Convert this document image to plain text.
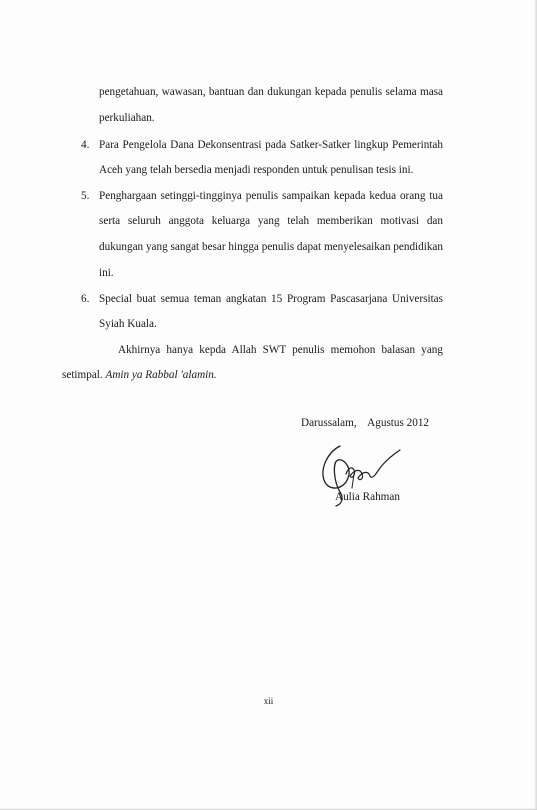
pengetahuan, wawasan, bantuan dan dukungan kepada penulis selama masa
perkuliahan.
4. Para Pengelola Dana Dekonsentrasi pada Satker-Satker lingkup Pemerintah
Aceh yang telah bersedia menjadi responden untuk penulisan tesis ini.
5. Penghargaan setinggi-tingginya penulis sampaikan kepada kedua orang tua
serta seluruh anggota keluarga yang telah memberikan motivasi dan
dukungan yang sangat besar hingga penulis dapat menyelesaikan pendidikan
ini.
6. Special buat semua teman angkatan 15 Program Pascasarjana Universitas
Syiah Kuala.
Akhirnya hanya kepda Allah SWT penulis memohon balasan yang
setimpal. Amin ya Rabbal 'alamin.
Darussalam,    Agustus 2012
Aulia Rahman
xii
